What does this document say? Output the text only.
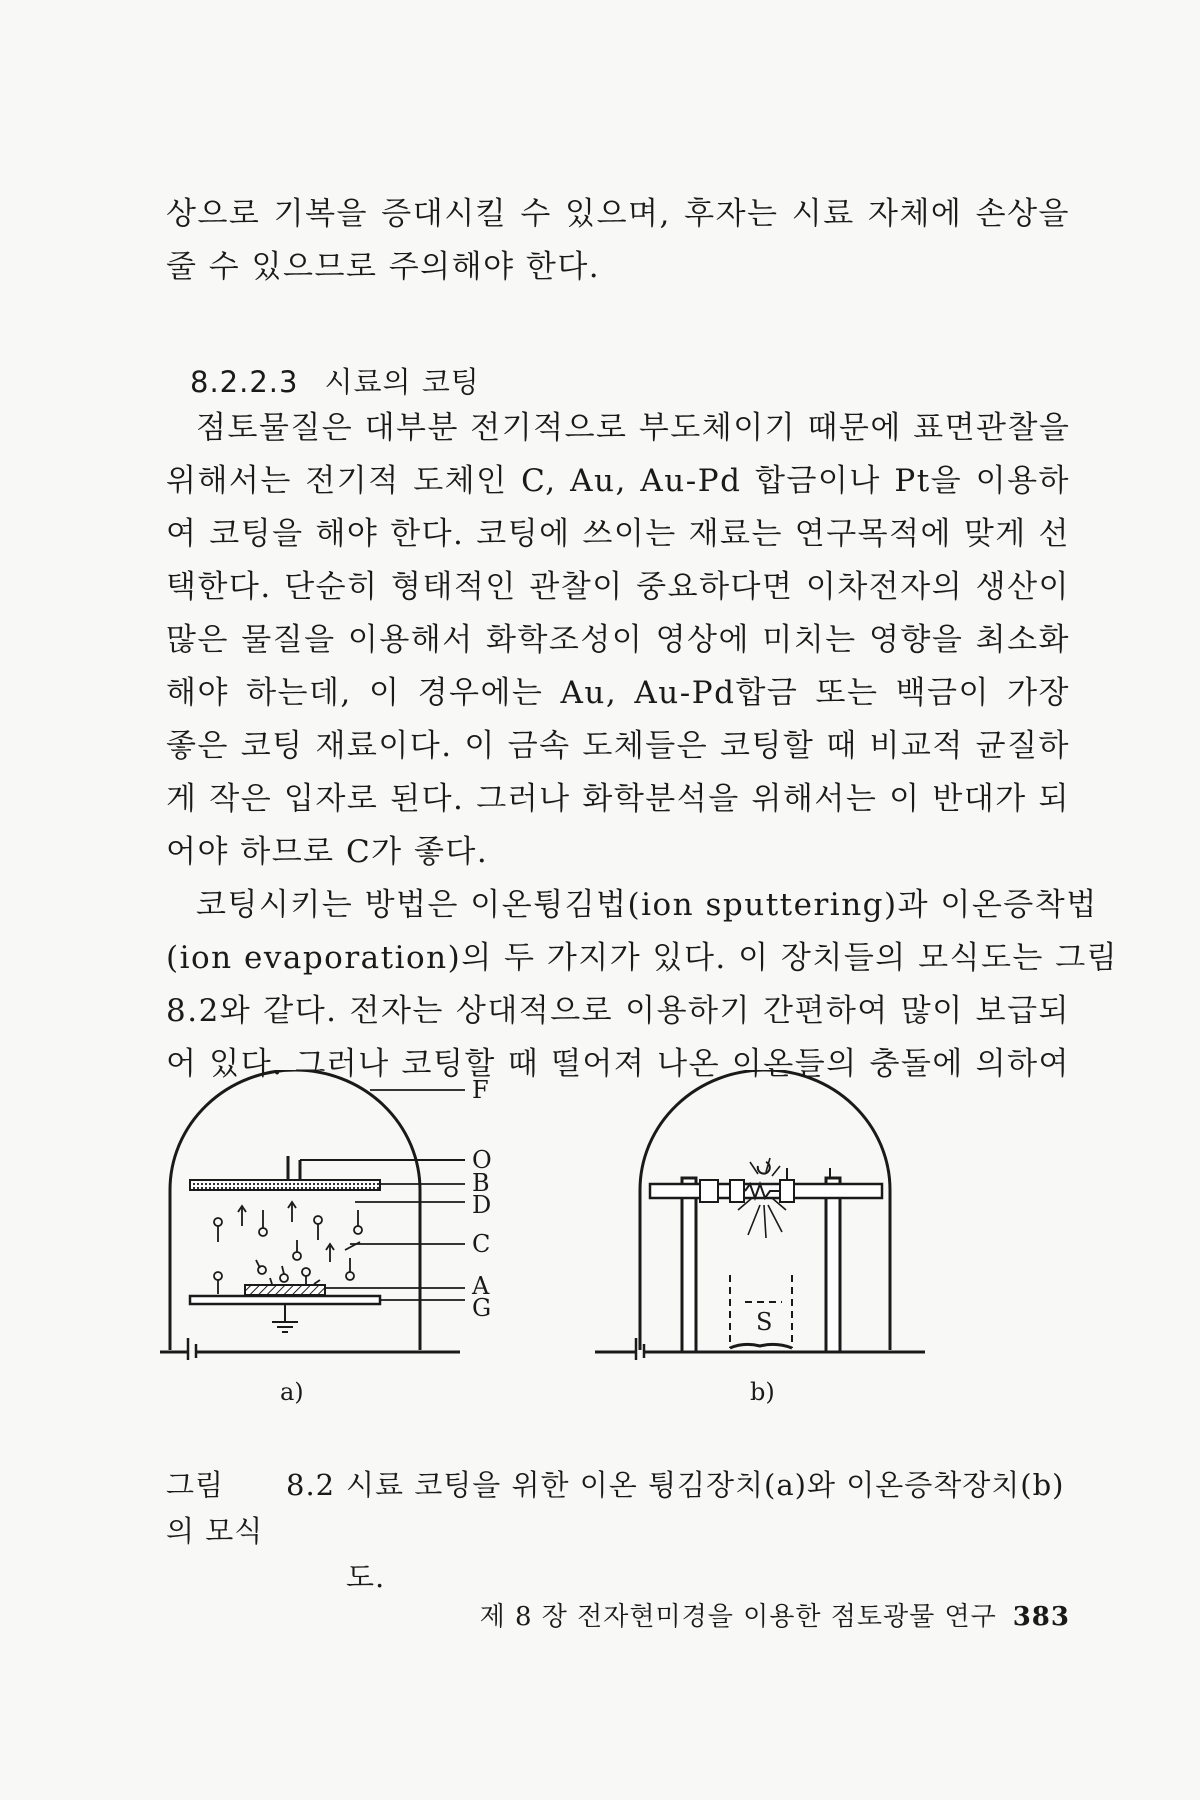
상으로 기복을 증대시킬 수 있으며, 후자는 시료 자체에 손상을
줄 수 있으므로 주의해야 한다.
8.2.2.3 시료의 코팅
점토물질은 대부분 전기적으로 부도체이기 때문에 표면관찰을
위해서는 전기적 도체인 C, Au, Au-Pd 합금이나 Pt을 이용하
여 코팅을 해야 한다. 코팅에 쓰이는 재료는 연구목적에 맞게 선
택한다. 단순히 형태적인 관찰이 중요하다면 이차전자의 생산이
많은 물질을 이용해서 화학조성이 영상에 미치는 영향을 최소화
해야 하는데, 이 경우에는 Au, Au-Pd합금 또는 백금이 가장
좋은 코팅 재료이다. 이 금속 도체들은 코팅할 때 비교적 균질하
게 작은 입자로 된다. 그러나 화학분석을 위해서는 이 반대가 되
어야 하므로 C가 좋다.
코팅시키는 방법은 이온튕김법(ion sputtering)과 이온증착법
(ion evaporation)의 두 가지가 있다. 이 장치들의 모식도는 그림
8.2와 같다. 전자는 상대적으로 이용하기 간편하여 많이 보급되
어 있다. 그러나 코팅할 때 떨어져 나온 이온들의 충돌에 의하여
F
O
B
D
C
A
G	S
a)	b)
그림 8.2 시료 코팅을 위한 이온 튕김장치(a)와 이온증착장치(b)의 모식
도.
제 8 장 전자현미경을 이용한 점토광물 연구 383
